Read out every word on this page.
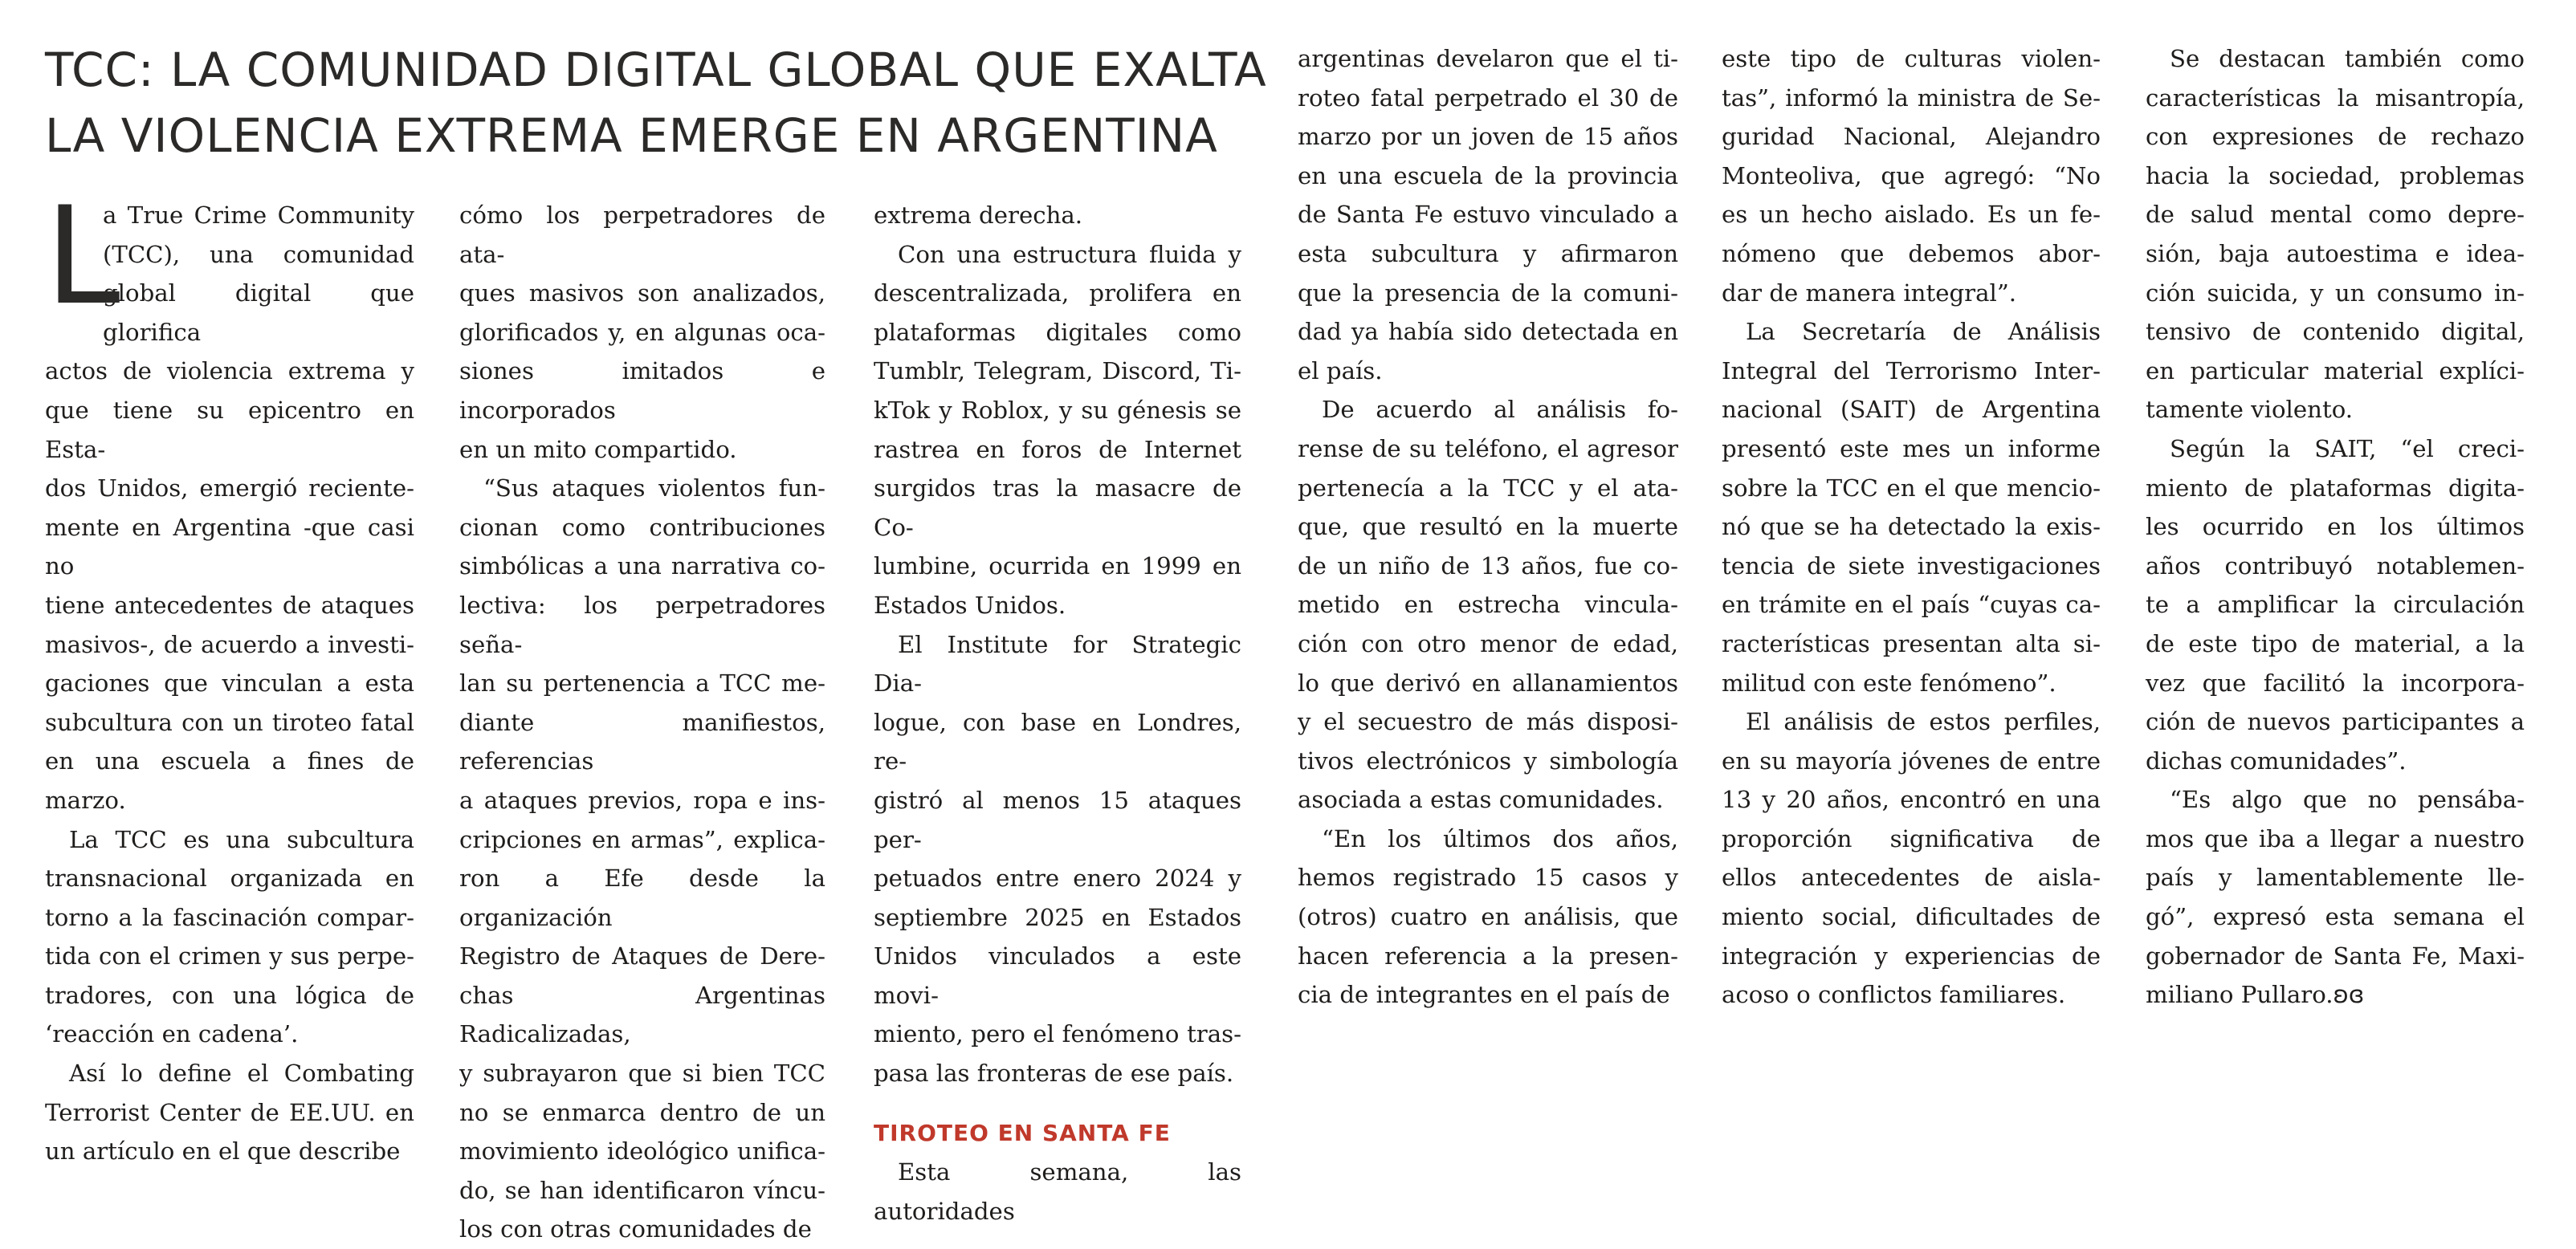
TCC: LA COMUNIDAD DIGITAL GLOBAL QUE EXALTA
LA VIOLENCIA EXTREMA EMERGE EN ARGENTINA
L

a True Crime Community

(TCC), una comunidad

global digital que glorifica

actos de violencia extrema y

que tiene su epicentro en Esta-

dos Unidos, emergió reciente-

mente en Argentina -que casi no

tiene antecedentes de ataques

masivos-, de acuerdo a investi-

gaciones que vinculan a esta

subcultura con un tiroteo fatal

en una escuela a fines de marzo.

La TCC es una subcultura

transnacional organizada en

torno a la fascinación compar-

tida con el crimen y sus perpe-

tradores, con una lógica de

‘reacción en cadena’.

Así lo define el Combating

Terrorist Center de EE.UU. en

un artículo en el que describe

cómo los perpetradores de ata-

ques masivos son analizados,

glorificados y, en algunas oca-

siones imitados e incorporados

en un mito compartido.

“Sus ataques violentos fun-

cionan como contribuciones

simbólicas a una narrativa co-

lectiva: los perpetradores seña-

lan su pertenencia a TCC me-

diante manifiestos, referencias

a ataques previos, ropa e ins-

cripciones en armas”, explica-

ron a Efe desde la organización

Registro de Ataques de Dere-

chas Argentinas Radicalizadas,

y subrayaron que si bien TCC

no se enmarca dentro de un

movimiento ideológico unifica-

do, se han identificaron víncu-

los con otras comunidades de

extrema derecha.

Con una estructura fluida y

descentralizada, prolifera en

plataformas digitales como

Tumblr, Telegram, Discord, Ti-

kTok y Roblox, y su génesis se

rastrea en foros de Internet

surgidos tras la masacre de Co-

lumbine, ocurrida en 1999 en

Estados Unidos.

El Institute for Strategic Dia-

logue, con base en Londres, re-

gistró al menos 15 ataques per-

petuados entre enero 2024 y

septiembre 2025 en Estados

Unidos vinculados a este movi-

miento, pero el fenómeno tras-

pasa las fronteras de ese país.

TIROTEO EN SANTA FE

Esta semana, las autoridades

argentinas develaron que el ti-

roteo fatal perpetrado el 30 de

marzo por un joven de 15 años

en una escuela de la provincia

de Santa Fe estuvo vinculado a

esta subcultura y afirmaron

que la presencia de la comuni-

dad ya había sido detectada en

el país.

De acuerdo al análisis fo-

rense de su teléfono, el agresor

pertenecía a la TCC y el ata-

que, que resultó en la muerte

de un niño de 13 años, fue co-

metido en estrecha vincula-

ción con otro menor de edad,

lo que derivó en allanamientos

y el secuestro de más disposi-

tivos electrónicos y simbología

asociada a estas comunidades.

“En los últimos dos años,

hemos registrado 15 casos y

(otros) cuatro en análisis, que

hacen referencia a la presen-

cia de integrantes en el país de

este tipo de culturas violen-

tas”, informó la ministra de Se-

guridad Nacional, Alejandro

Monteoliva, que agregó: “No

es un hecho aislado. Es un fe-

nómeno que debemos abor-

dar de manera integral”.

La Secretaría de Análisis

Integral del Terrorismo Inter-

nacional (SAIT) de Argentina

presentó este mes un informe

sobre la TCC en el que mencio-

nó que se ha detectado la exis-

tencia de siete investigaciones

en trámite en el país “cuyas ca-

racterísticas presentan alta si-

militud con este fenómeno”.

El análisis de estos perfiles,

en su mayoría jóvenes de entre

13 y 20 años, encontró en una

proporción significativa de

ellos antecedentes de aisla-

miento social, dificultades de

integración y experiencias de

acoso o conflictos familiares.

Se destacan también como

características la misantropía,

con expresiones de rechazo

hacia la sociedad, problemas

de salud mental como depre-

sión, baja autoestima e idea-

ción suicida, y un consumo in-

tensivo de contenido digital,

en particular material explíci-

tamente violento.

Según la SAIT, “el creci-

miento de plataformas digita-

les ocurrido en los últimos

años contribuyó notablemen-

te a amplificar la circulación

de este tipo de material, a la

vez que facilitó la incorpora-

ción de nuevos participantes a

dichas comunidades”.

“Es algo que no pensába-

mos que iba a llegar a nuestro

país y lamentablemente lle-

gó”, expresó esta semana el

gobernador de Santa Fe, Maxi-

miliano Pullaro.ʚɞ
